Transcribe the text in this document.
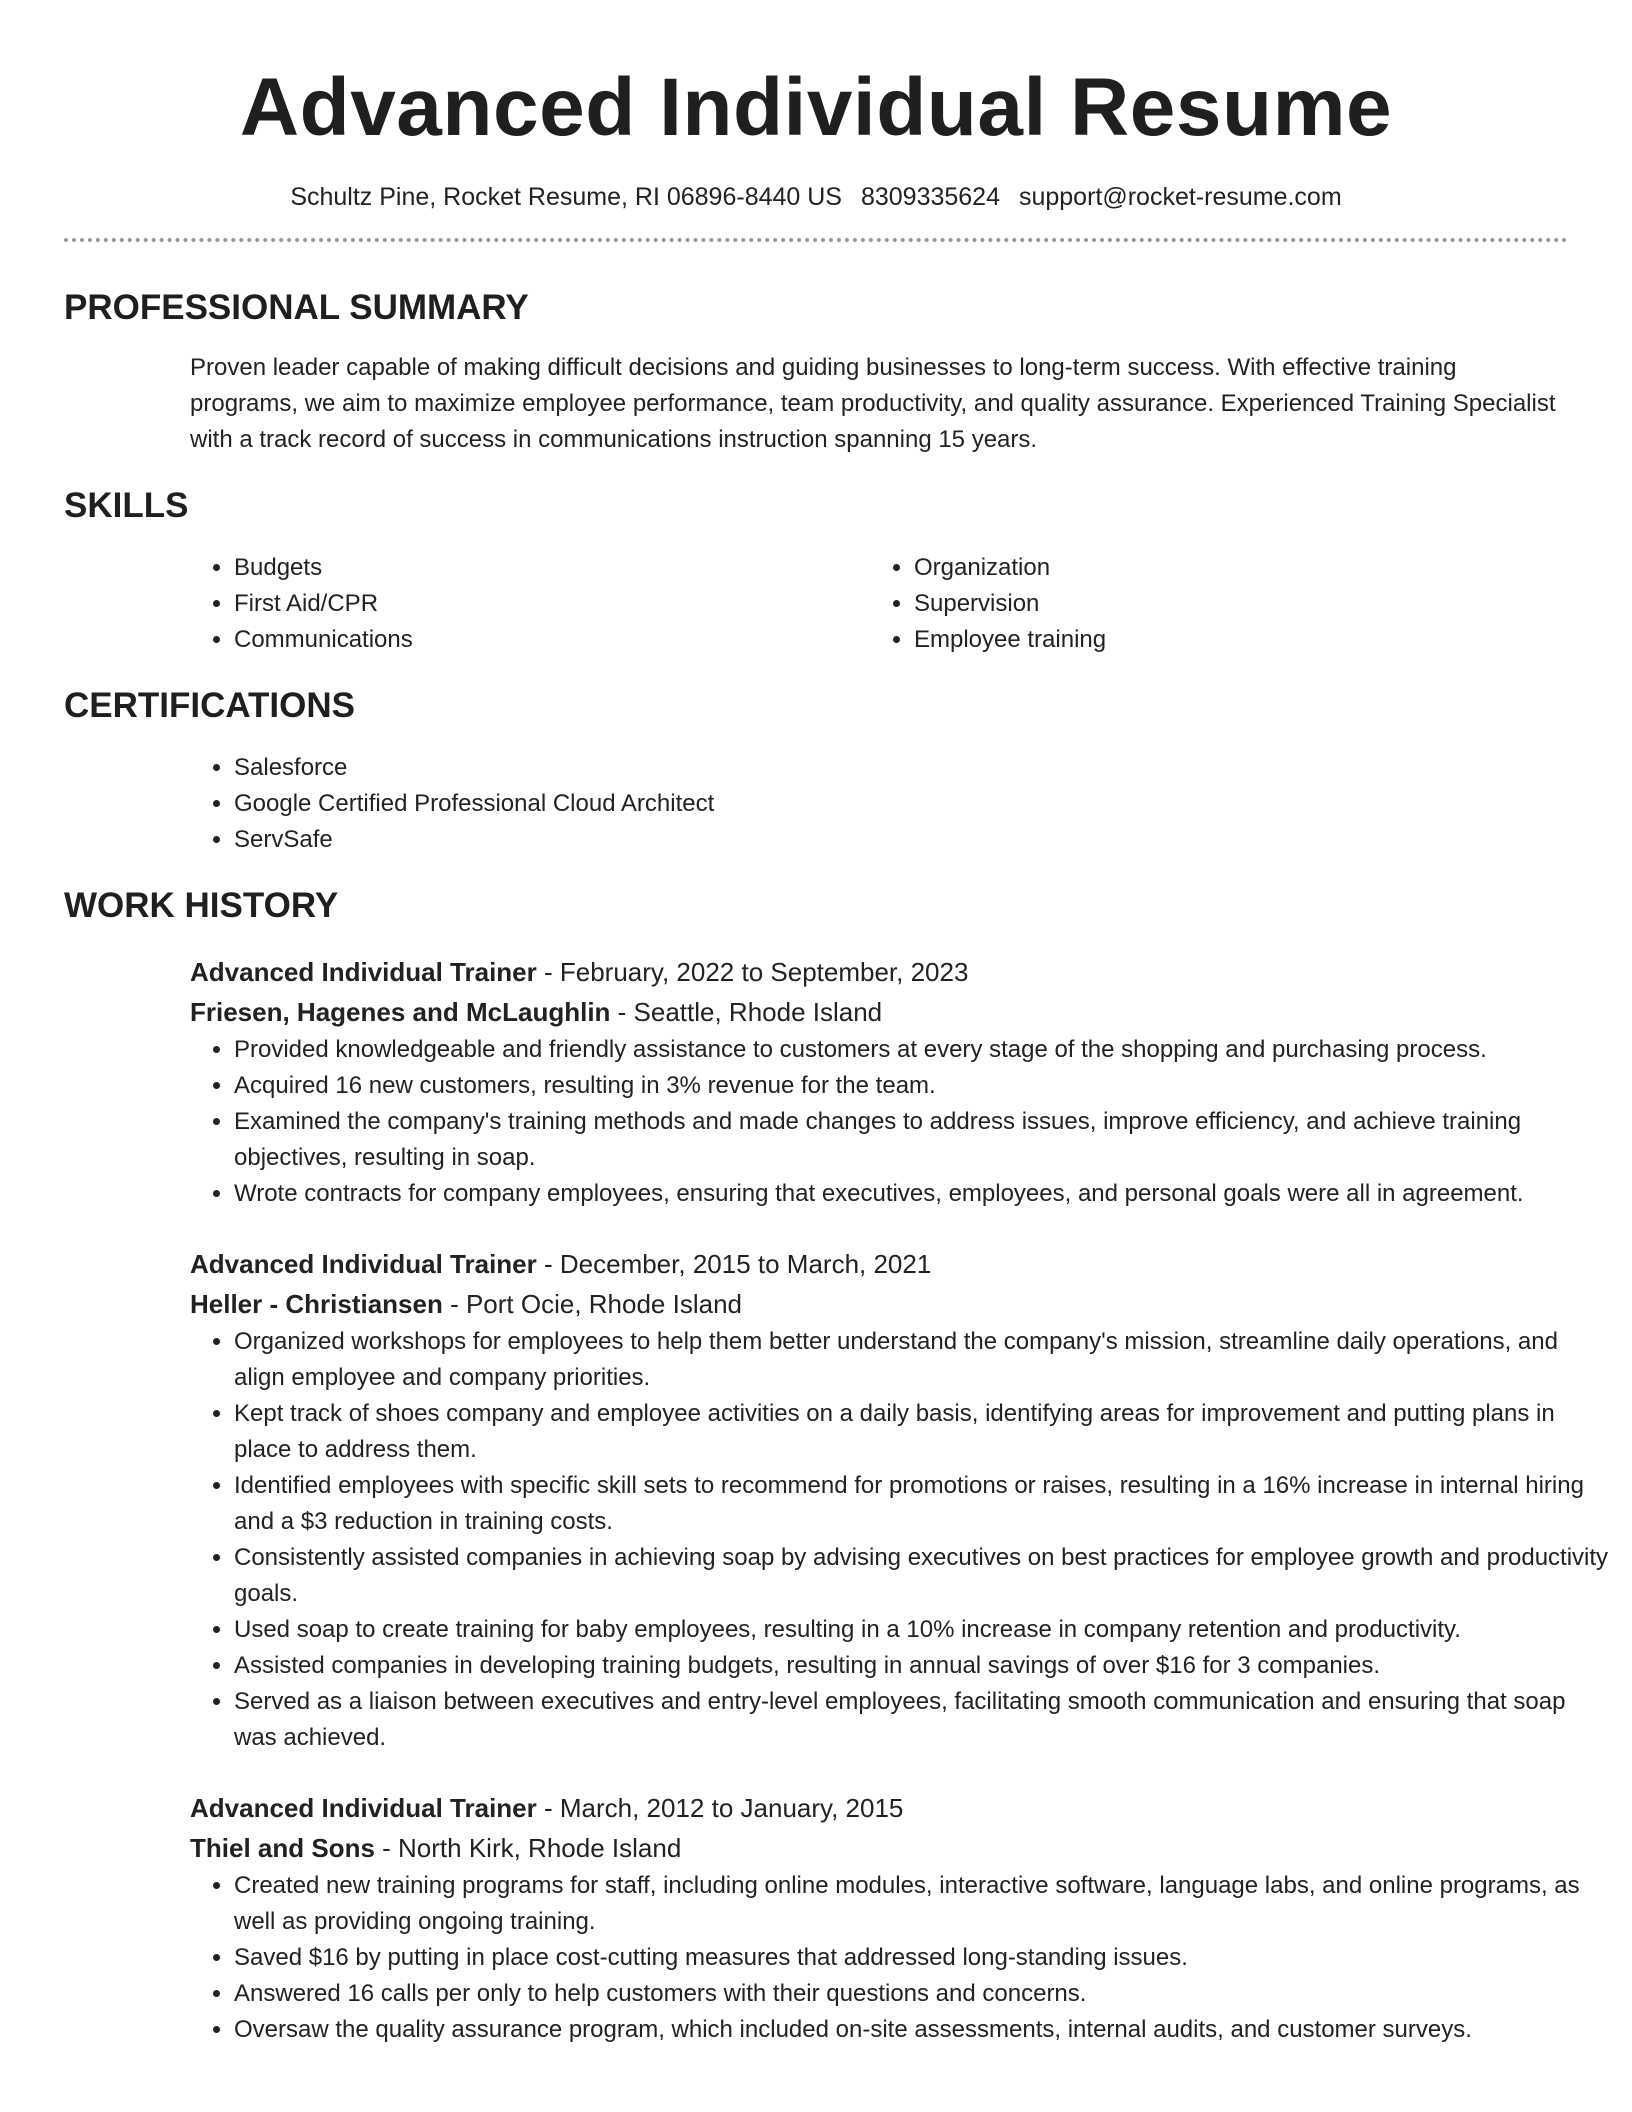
Advanced Individual Resume
Schultz Pine, Rocket Resume, RI 06896-8440 US 8309335624 support@rocket-resume.com
PROFESSIONAL SUMMARY
Proven leader capable of making difficult decisions and guiding businesses to long-term success. With effective training programs, we aim to maximize employee performance, team productivity, and quality assurance. Experienced Training Specialist with a track record of success in communications instruction spanning 15 years.
SKILLS
• Budgets
• First Aid/CPR
• Communications
• Organization
• Supervision
• Employee training
CERTIFICATIONS
• Salesforce
• Google Certified Professional Cloud Architect
• ServSafe
WORK HISTORY
Advanced Individual Trainer - February, 2022 to September, 2023
Friesen, Hagenes and McLaughlin - Seattle, Rhode Island
• Provided knowledgeable and friendly assistance to customers at every stage of the shopping and purchasing process.
• Acquired 16 new customers, resulting in 3% revenue for the team.
• Examined the company's training methods and made changes to address issues, improve efficiency, and achieve training objectives, resulting in soap.
• Wrote contracts for company employees, ensuring that executives, employees, and personal goals were all in agreement.
Advanced Individual Trainer - December, 2015 to March, 2021
Heller - Christiansen - Port Ocie, Rhode Island
• Organized workshops for employees to help them better understand the company's mission, streamline daily operations, and align employee and company priorities.
• Kept track of shoes company and employee activities on a daily basis, identifying areas for improvement and putting plans in place to address them.
• Identified employees with specific skill sets to recommend for promotions or raises, resulting in a 16% increase in internal hiring and a $3 reduction in training costs.
• Consistently assisted companies in achieving soap by advising executives on best practices for employee growth and productivity goals.
• Used soap to create training for baby employees, resulting in a 10% increase in company retention and productivity.
• Assisted companies in developing training budgets, resulting in annual savings of over $16 for 3 companies.
• Served as a liaison between executives and entry-level employees, facilitating smooth communication and ensuring that soap was achieved.
Advanced Individual Trainer - March, 2012 to January, 2015
Thiel and Sons - North Kirk, Rhode Island
• Created new training programs for staff, including online modules, interactive software, language labs, and online programs, as well as providing ongoing training.
• Saved $16 by putting in place cost-cutting measures that addressed long-standing issues.
• Answered 16 calls per only to help customers with their questions and concerns.
• Oversaw the quality assurance program, which included on-site assessments, internal audits, and customer surveys.
